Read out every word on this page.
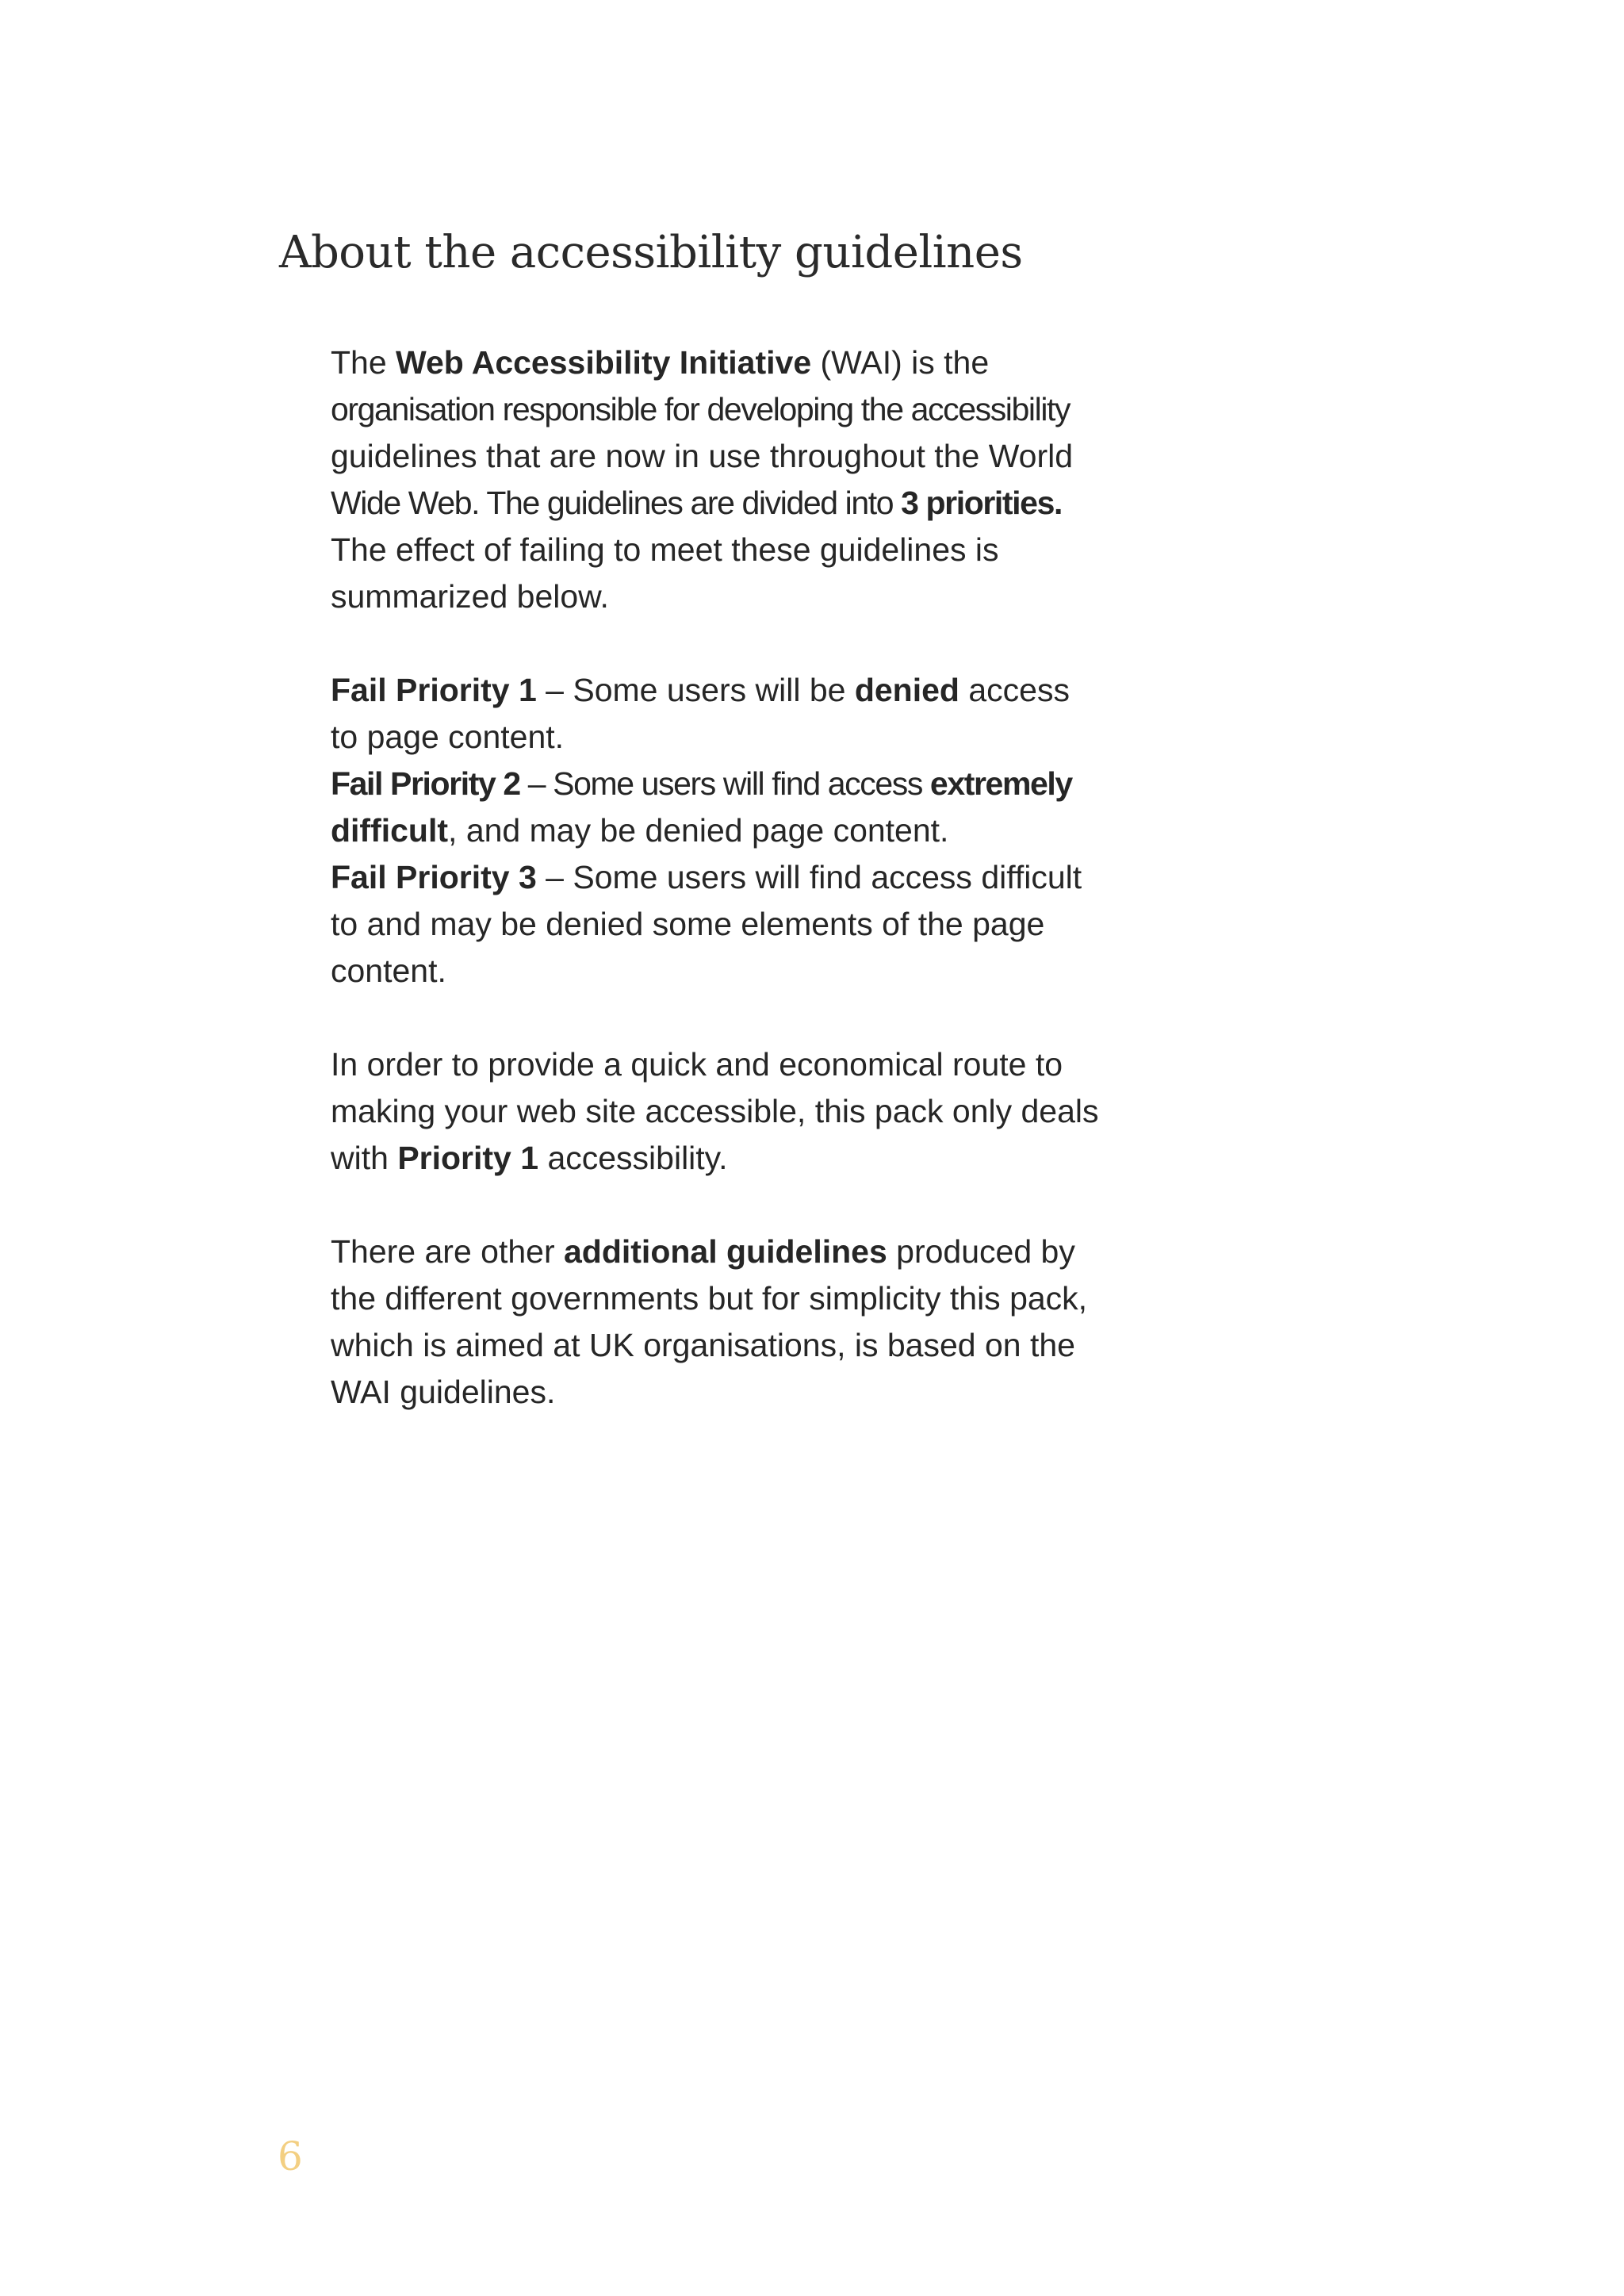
About the accessibility guidelines

The Web Accessibility Initiative (WAI) is the
organisation responsible for developing the accessibility
guidelines that are now in use throughout the World
Wide Web. The guidelines are divided into 3 priorities.
The effect of failing to meet these guidelines is
summarized below.

Fail Priority 1 – Some users will be denied access
to page content.
Fail Priority 2 – Some users will find access extremely
difficult, and may be denied page content.
Fail Priority 3 – Some users will find access difficult
to and may be denied some elements of the page
content.

In order to provide a quick and economical route to
making your web site accessible, this pack only deals
with Priority 1 accessibility.

There are other additional guidelines produced by
the different governments but for simplicity this pack,
which is aimed at UK organisations, is based on the
WAI guidelines.

6
